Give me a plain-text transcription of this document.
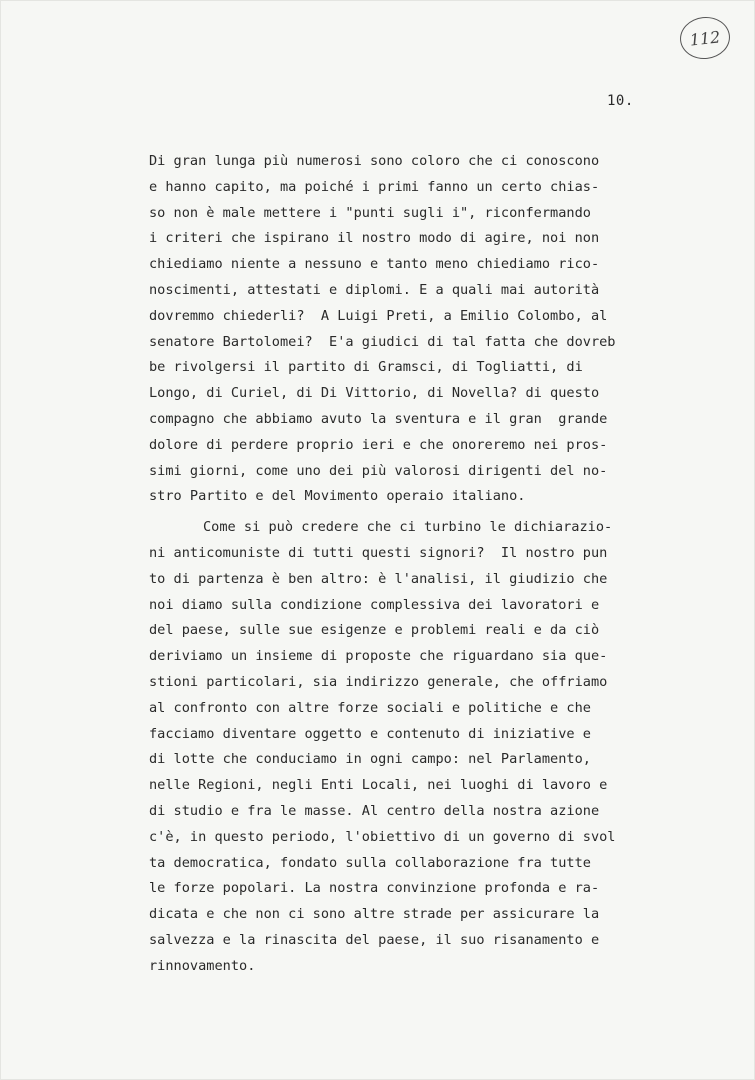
112
10.
Di gran lunga più numerosi sono coloro che ci conoscono
e hanno capito, ma poiché i primi fanno un certo chias-
so non è male mettere i "punti sugli i", riconfermando
i criteri che ispirano il nostro modo di agire, noi non
chiediamo niente a nessuno e tanto meno chiediamo rico-
noscimenti, attestati e diplomi. E a quali mai autorità
dovremmo chiederli?  A Luigi Preti, a Emilio Colombo, al
senatore Bartolomei?  E'a giudici di tal fatta che dovreb
be rivolgersi il partito di Gramsci, di Togliatti, di
Longo, di Curiel, di Di Vittorio, di Novella? di questo
compagno che abbiamo avuto la sventura e il gran  grande
dolore di perdere proprio ieri e che onoreremo nei pros-
simi giorni, come uno dei più valorosi dirigenti del no-
stro Partito e del Movimento operaio italiano.
Come si può credere che ci turbino le dichiarazio-
ni anticomuniste di tutti questi signori?  Il nostro pun
to di partenza è ben altro: è l'analisi, il giudizio che
noi diamo sulla condizione complessiva dei lavoratori e
del paese, sulle sue esigenze e problemi reali e da ciò
deriviamo un insieme di proposte che riguardano sia que-
stioni particolari, sia indirizzo generale, che offriamo
al confronto con altre forze sociali e politiche e che
facciamo diventare oggetto e contenuto di iniziative e
di lotte che conduciamo in ogni campo: nel Parlamento,
nelle Regioni, negli Enti Locali, nei luoghi di lavoro e
di studio e fra le masse. Al centro della nostra azione
c'è, in questo periodo, l'obiettivo di un governo di svol
ta democratica, fondato sulla collaborazione fra tutte
le forze popolari. La nostra convinzione profonda e ra-
dicata e che non ci sono altre strade per assicurare la
salvezza e la rinascita del paese, il suo risanamento e
rinnovamento.
